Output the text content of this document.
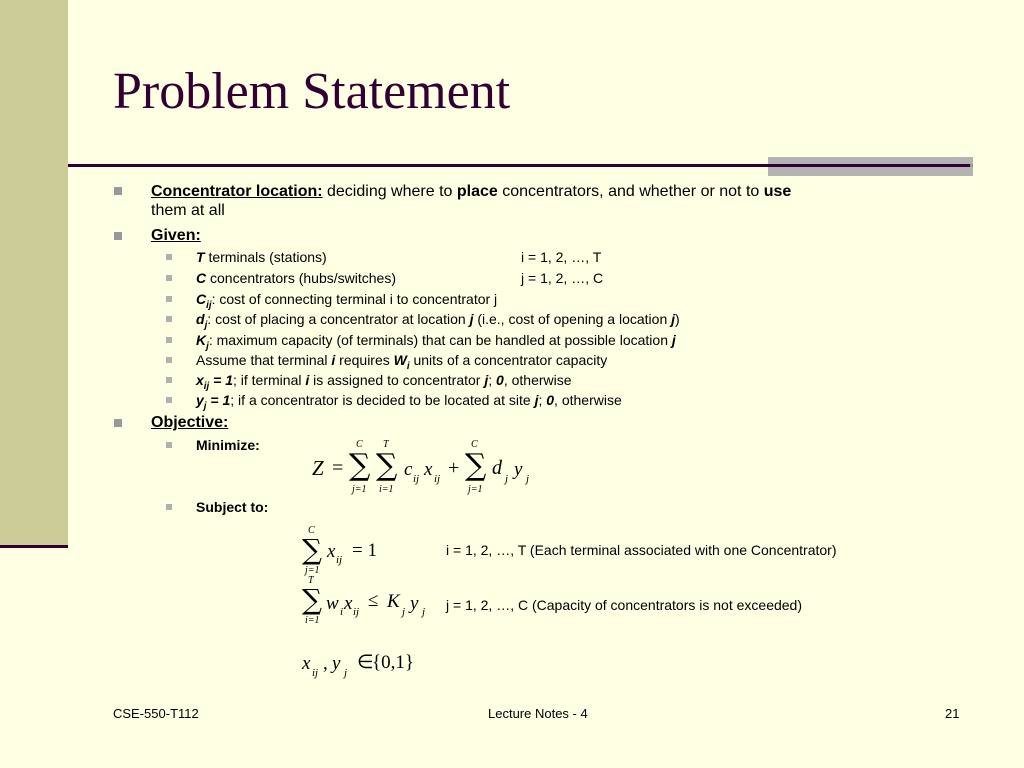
Problem Statement
Concentrator location: deciding where to place concentrators, and whether or not to use
them at all
Given:
T terminals (stations)	i = 1, 2, …, T
C concentrators (hubs/switches)	j = 1, 2, …, C
$C_{ij}$: cost of connecting terminal i to concentrator j
$d_j$: cost of placing a concentrator at location j (i.e., cost of opening a location j)
$K_j$: maximum capacity (of terminals) that can be handled at possible location j
Assume that terminal i requires $W_i$ units of a concentrator capacity
$x_{ij} = 1$; if terminal i is assigned to concentrator j; 0, otherwise
$y_j = 1$; if a concentrator is decided to be located at site j; 0, otherwise
Objective:
Minimize:
Z =
C
∑
j=1
T
∑
i=1
c ij x ij +
C
∑
j=1
d j y j
Subject to:
C
∑
j=1
x ij = 1	i = 1, 2, …, T (Each terminal associated with one Concentrator)
T
∑
i=1
w i x ij
≤ K j y j j = 1, 2, …, C (Capacity of concentrators is not exceeded)
x ij , y j ∈
{0,1}
CSE-550-T112	Lecture Notes - 4	21
